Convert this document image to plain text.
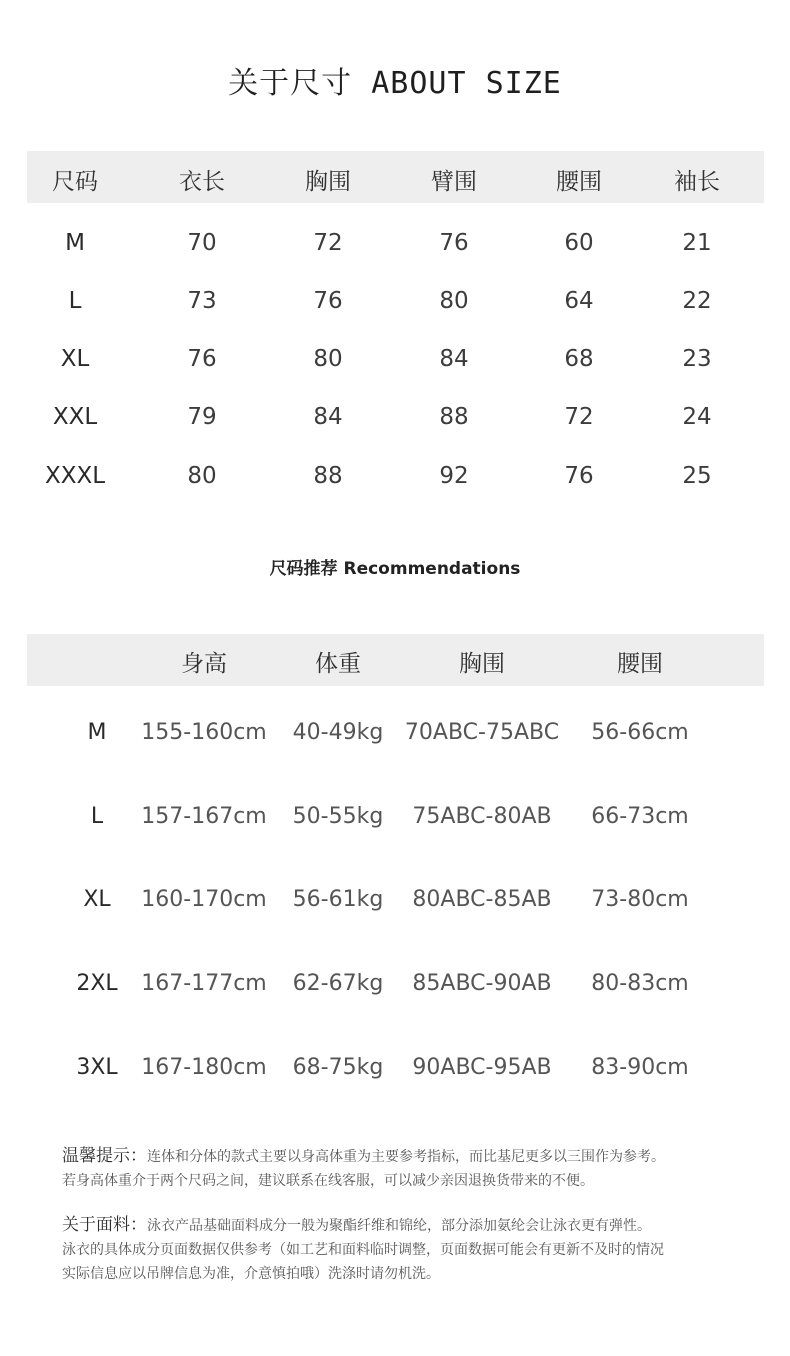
关于尺寸 ABOUT SIZE
尺码	衣长	胸围	臂围	腰围	袖长
M	70	72	76	60	21
L	73	76	80	64	22
XL	76	80	84	68	23
XXL	79	84	88	72	24
XXXL	80	88	92	76	25
尺码推荐 Recommendations
身高	体重	胸围	腰围
M 155-160cm 40-49kg 70ABC-75ABC 56-66cm
L 157-167cm 50-55kg 75ABC-80AB 66-73cm
XL 160-170cm 56-61kg 80ABC-85AB 73-80cm
2XL 167-177cm 62-67kg 85ABC-90AB 80-83cm
3XL 167-180cm 68-75kg 90ABC-95AB 83-90cm
温馨提示：连体和分体的款式主要以身高体重为主要参考指标，而比基尼更多以三围作为参考。
若身高体重介于两个尺码之间，建议联系在线客服，可以减少亲因退换货带来的不便。
关于面料：泳衣产品基础面料成分一般为聚酯纤维和锦纶，部分添加氨纶会让泳衣更有弹性。
泳衣的具体成分页面数据仅供参考（如工艺和面料临时调整，页面数据可能会有更新不及时的情况
实际信息应以吊牌信息为准，介意慎拍哦）洗涤时请勿机洗。
